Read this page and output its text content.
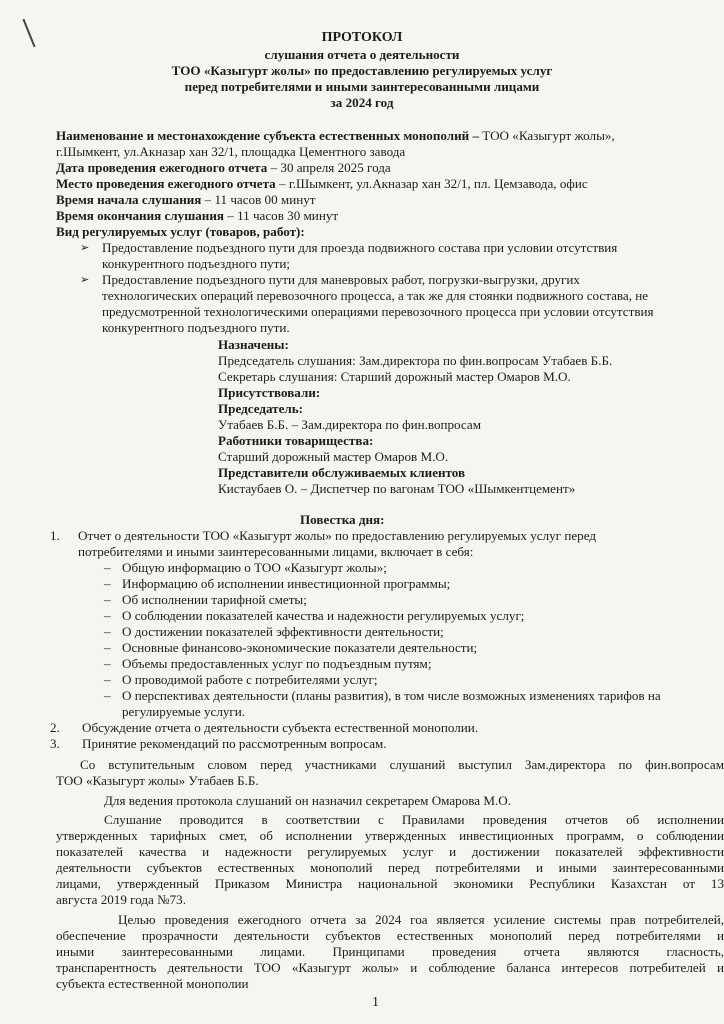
ПРОТОКОЛ
слушания отчета о деятельности
ТОО «Казыгурт жолы» по предоставлению регулируемых услуг
перед потребителями и иными заинтересованными лицами
за 2024 год
Наименование и местонахождение субъекта естественных монополий – ТОО «Казыгурт жолы»,
г.Шымкент, ул.Акназар хан 32/1, площадка Цементного завода
Дата проведения ежегодного отчета – 30 апреля 2025 года
Место проведения ежегодного отчета – г.Шымкент, ул.Акназар хан 32/1, пл. Цемзавода, офис
Время начала слушания – 11 часов 00 минут
Время окончания слушания – 11 часов 30 минут
Вид регулируемых услуг (товаров, работ):
➢ Предоставление подъездного пути для проезда подвижного состава при условии отсутствия
конкурентного подъездного пути;
➢ Предоставление подъездного пути для маневровых работ, погрузки-выгрузки, других
технологических операций перевозочного процесса, а так же для стоянки подвижного состава, не
предусмотренной технологическими операциями перевозочного процесса при условии отсутствия
конкурентного подъездного пути.
Назначены:
Председатель слушания: Зам.директора по фин.вопросам Утабаев Б.Б.
Секретарь слушания: Старший дорожный мастер Омаров М.О.
Присутствовали:
Председатель:
Утабаев Б.Б. – Зам.директора по фин.вопросам
Работники товарищества:
Старший дорожный мастер Омаров М.О.
Представители обслуживаемых клиентов
Кистаубаев О. – Диспетчер по вагонам ТОО «Шымкентцемент»
Повестка дня:
1. Отчет о деятельности ТОО «Казыгурт жолы» по предоставлению регулируемых услуг перед
потребителями и иными заинтересованными лицами, включает в себя:
– Общую информацию о ТОО «Казыгурт жолы»;
– Информацию об исполнении инвестиционной программы;
– Об исполнении тарифной сметы;
– О соблюдении показателей качества и надежности регулируемых услуг;
– О достижении показателей эффективности деятельности;
– Основные финансово-экономические показатели деятельности;
– Объемы предоставленных услуг по подъездным путям;
– О проводимой работе с потребителями услуг;
– О перспективах деятельности (планы развития), в том числе возможных изменениях тарифов на
регулируемые услуги.
2. Обсуждение отчета о деятельности субъекта естественной монополии.
3. Принятие рекомендаций по рассмотренным вопросам.
Со вступительным словом перед участниками слушаний выступил Зам.директора по фин.вопросам
ТОО «Казыгурт жолы» Утабаев Б.Б.
Для ведения протокола слушаний он назначил секретарем Омарова М.О.
Слушание проводится в соответствии с Правилами проведения отчетов об исполнении
утвержденных тарифных смет, об исполнении утвержденных инвестиционных программ, о соблюдении
показателей качества и надежности регулируемых услуг и достижении показателей эффективности
деятельности субъектов естественных монополий перед потребителями и иными заинтересованными
лицами, утвержденный Приказом Министра национальной экономики Республики Казахстан от 13
августа 2019 года №73.
Целью проведения ежегодного отчета за 2024 гоа является усиление системы прав потребителей,
обеспечение прозрачности деятельности субъектов естественных монополий перед потребителями и
иными заинтересованными лицами. Принципами проведения отчета являются гласность,
транспарентность деятельности ТОО «Казыгурт жолы» и соблюдение баланса интересов потребителей и
субъекта естественной монополии
1
